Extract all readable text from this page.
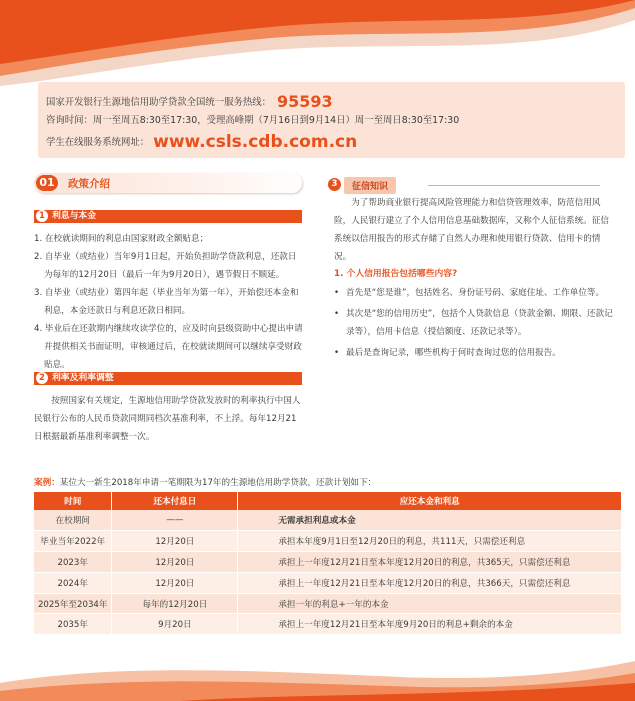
国家开发银行生源地信用助学贷款全国统一服务热线： 95593
咨询时间：周一至周五8:30至17:30，受理高峰期（7月16日到9月14日）周一至周日8:30至17:30
学生在线服务系统网址： www.csls.cdb.com.cn
01	政策介绍
1 利息与本金

1. 在校就读期间的利息由国家财政全额贴息；

2. 自毕业（或结业）当年9月1日起，开始负担助学贷款利息，还款日为每年的12月20日（最后一年为9月20日），遇节假日不顺延。

3. 自毕业（或结业）第四年起（毕业当年为第一年），开始偿还本金和利息，本金还款日与利息还款日相同。

4. 毕业后在还款期内继续攻读学位的，应及时向县级资助中心提出申请并提供相关书面证明，审核通过后，在校就读期间可以继续享受财政贴息。

2 利率及利率调整
按照国家有关规定，生源地信用助学贷款发放时的利率执行中国人民银行公布的人民币贷款同期同档次基准利率，不上浮。每年12月21日根据最新基准利率调整一次。
3	征信知识
为了帮助商业银行提高风险管理能力和信贷管理效率，防范信用风险，人民银行建立了个人信用信息基础数据库，又称个人征信系统。征信系统以信用报告的形式存储了自然人办理和使用银行贷款、信用卡的情况。
1. 个人信用报告包括哪些内容?
• 首先是“您是谁”，包括姓名、身份证号码、家庭住址、工作单位等。
• 其次是“您的信用历史”，包括个人贷款信息（贷款金额、期限、还款记录等），信用卡信息（授信额度、还款记录等）。
• 最后是查询记录，哪些机构于何时查询过您的信用报告。
案例：某位大一新生2018年申请一笔期限为17年的生源地信用助学贷款，还款计划如下：
时间	还本付息日	应还本金和利息
在校期间	——	无需承担利息或本金
毕业当年2022年	12月20日	承担本年度9月1日至12月20日的利息，共111天，只需偿还利息
2023年	12月20日	承担上一年度12月21日至本年度12月20日的利息，共365天，只需偿还利息
2024年	12月20日	承担上一年度12月21日至本年度12月20日的利息，共366天，只需偿还利息
2025年至2034年	每年的12月20日	承担一年的利息+一年的本金
2035年	9月20日	承担上一年度12月21日至本年度9月20日的利息+剩余的本金
